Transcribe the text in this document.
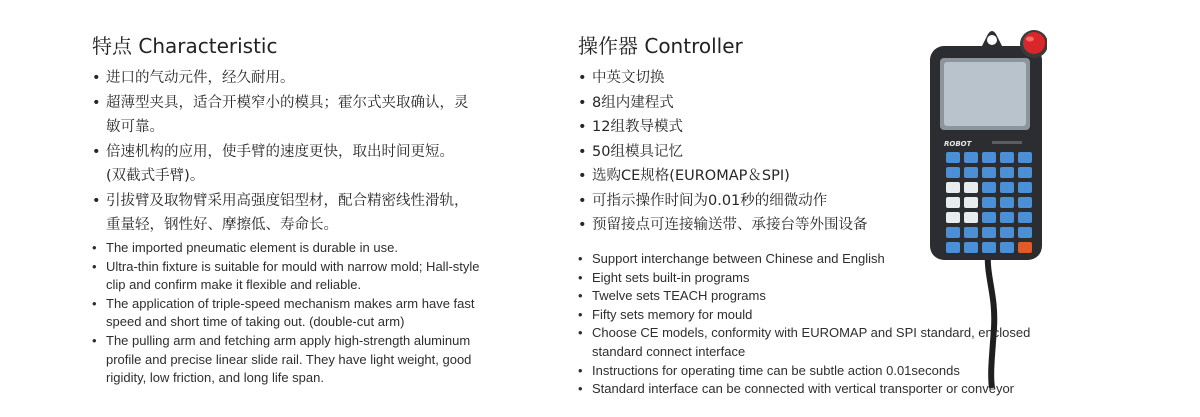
特点 Characteristic
• 进口的气动元件，经久耐用。
• 超薄型夹具，适合开模窄小的模具；霍尔式夹取确认，灵敏可靠。
• 倍速机构的应用，使手臂的速度更快，取出时间更短。(双截式手臂)。
• 引拔臂及取物臂采用高强度铝型材，配合精密线性滑轨，重量轻，钢性好、摩擦低、寿命长。
• The imported pneumatic element is durable in use.
• Ultra-thin fixture is suitable for mould with narrow mold; Hall-style clip and confirm make it flexible and reliable.
• The application of triple-speed mechanism makes arm have fast speed and short time of taking out. (double-cut arm)
• The pulling arm and fetching arm apply high-strength aluminum profile and precise linear slide rail. They have light weight, good rigidity, low friction, and long life span.
操作器 Controller
• 中英文切换
• 8组内建程式
• 12组教导模式
• 50组模具记忆
• 选购CE规格(EUROMAP＆SPI)
• 可指示操作时间为0.01秒的细微动作
• 预留接点可连接输送带、承接台等外围设备
• Support interchange between Chinese and English
• Eight sets built-in programs
• Twelve sets TEACH programs
• Fifty sets memory for mould
• Choose CE models, conformity with EUROMAP and SPI standard, enclosed standard connect interface
• Instructions for operating time can be subtle action 0.01seconds
• Standard interface can be connected with vertical transporter or conveyor
ROBOT
